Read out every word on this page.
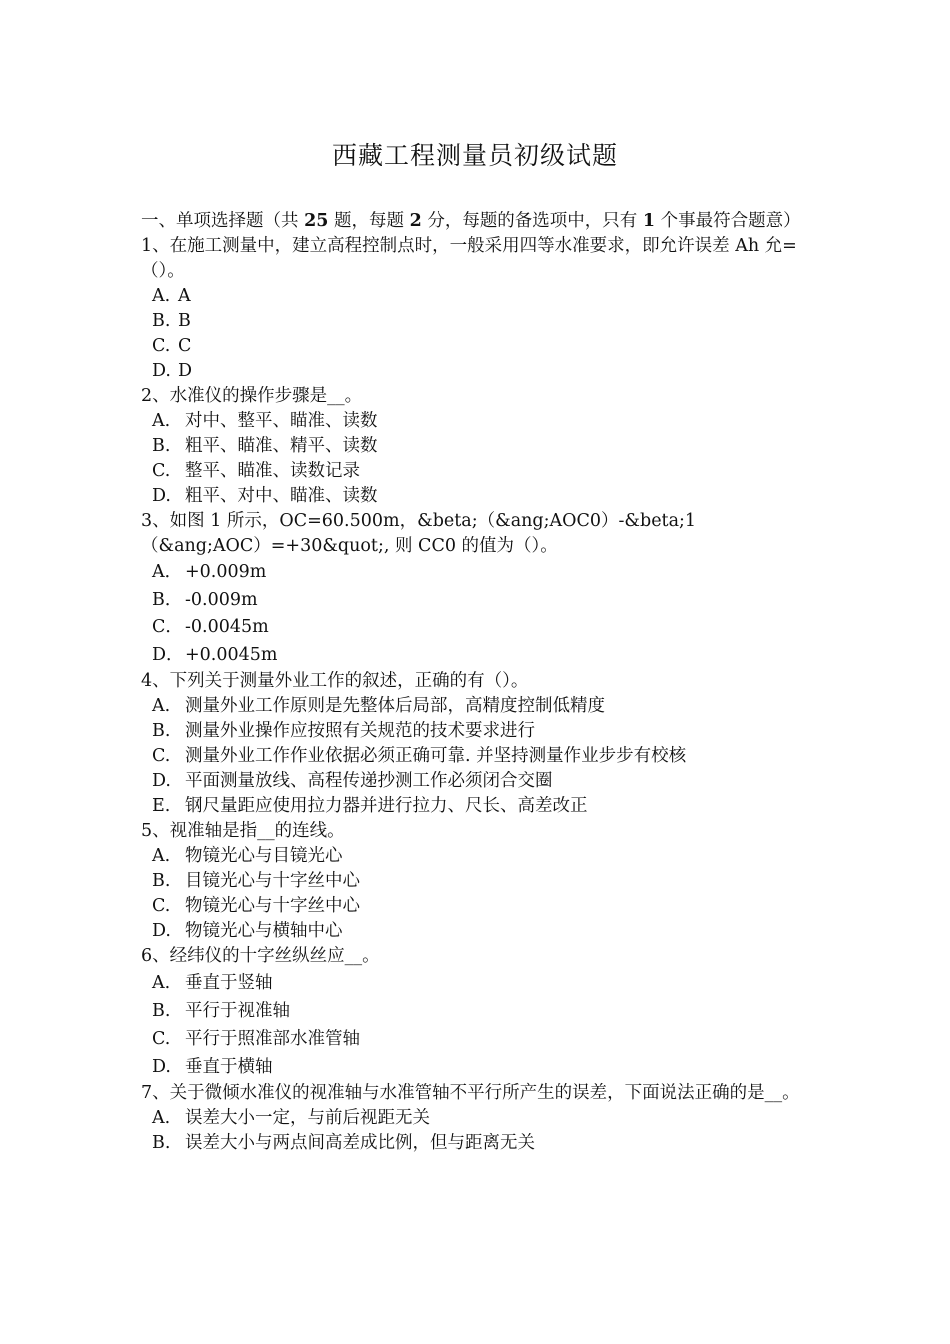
西藏工程测量员初级试题

一、单项选择题（共 25 题，每题 2 分，每题的备选项中，只有 1 个事最符合题意）

1、在施工测量中，建立高程控制点时，一般采用四等水准要求，即允许误差 Ah 允=（）。

A. A

B. B

C. C

D. D

2、水准仪的操作步骤是__。

A. 对中、整平、瞄准、读数

B. 粗平、瞄准、精平、读数

C. 整平、瞄准、读数记录

D. 粗平、对中、瞄准、读数

3、如图 1 所示，OC=60.500m，&beta;（&ang;AOC0）-&beta;1（&ang;AOC）=+30&quot;, 则 CC0 的值为（）。

A． +0.009m

B． -0.009m

C． -0.0045m

D．+0.0045m

4、下列关于测量外业工作的叙述，正确的有（）。

A. 测量外业工作原则是先整体后局部，高精度控制低精度

B. 测量外业操作应按照有关规范的技术要求进行

C. 测量外业工作作业依据必须正确可靠. 并坚持测量作业步步有校核

D. 平面测量放线、高程传递抄测工作必须闭合交圈

E. 钢尺量距应使用拉力器并进行拉力、尺长、高差改正

5、视准轴是指__的连线。

A. 物镜光心与目镜光心

B. 目镜光心与十字丝中心

C. 物镜光心与十字丝中心

D. 物镜光心与横轴中心

6、经纬仪的十字丝纵丝应__。

A. 垂直于竖轴

B. 平行于视准轴

C. 平行于照准部水准管轴

D. 垂直于横轴

7、关于微倾水准仪的视准轴与水准管轴不平行所产生的误差，下面说法正确的是__。

A. 误差大小一定，与前后视距无关

B. 误差大小与两点间高差成比例，但与距离无关
